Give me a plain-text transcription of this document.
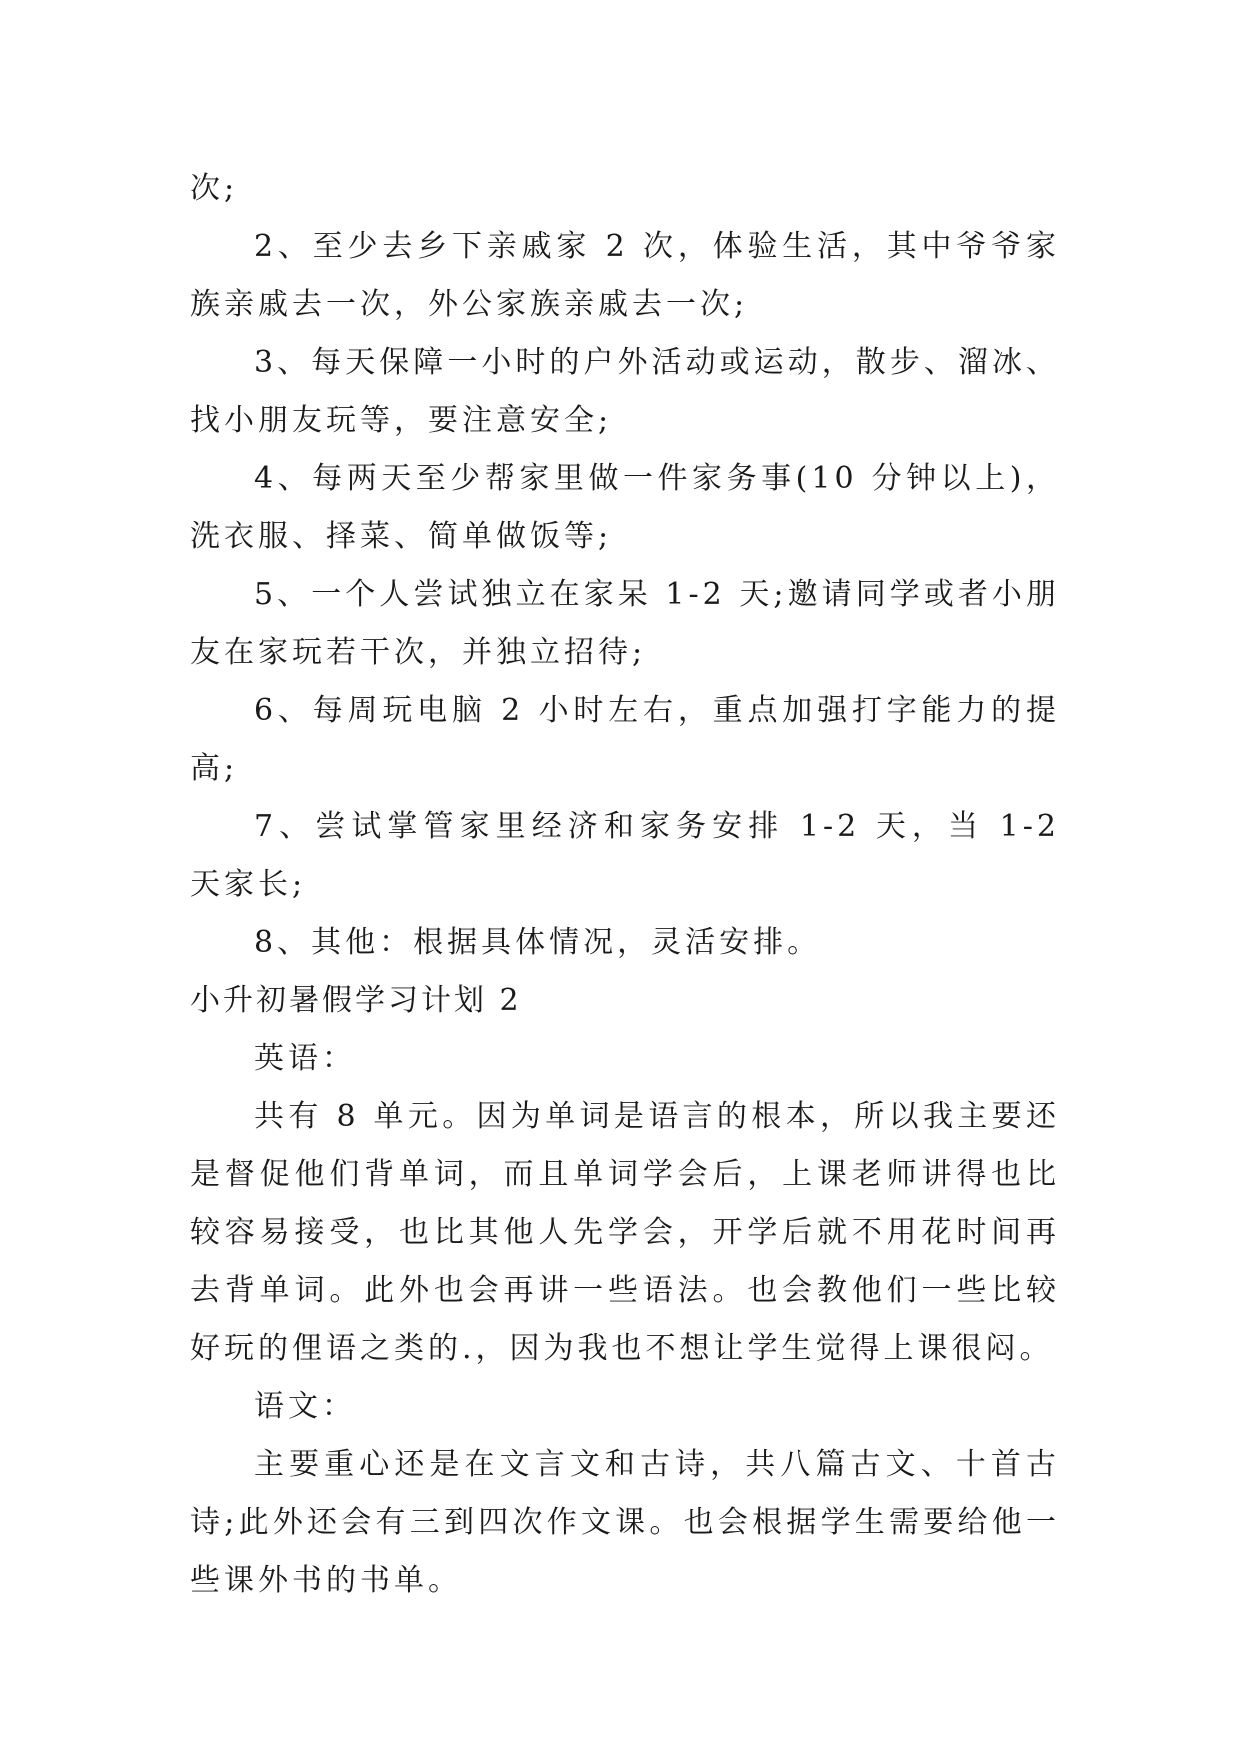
次;

2、至少去乡下亲戚家 2 次，体验生活，其中爷爷家族亲戚去一次，外公家族亲戚去一次;

3、每天保障一小时的户外活动或运动，散步、溜冰、找小朋友玩等，要注意安全;

4、每两天至少帮家里做一件家务事(10 分钟以上)，洗衣服、择菜、简单做饭等;

5、一个人尝试独立在家呆 1-2 天;邀请同学或者小朋友在家玩若干次，并独立招待;

6、每周玩电脑 2 小时左右，重点加强打字能力的提高;

7、尝试掌管家里经济和家务安排 1-2 天，当 1-2 天家长;

8、其他：根据具体情况，灵活安排。

小升初暑假学习计划 2

英语：

共有 8 单元。因为单词是语言的根本，所以我主要还是督促他们背单词，而且单词学会后，上课老师讲得也比较容易接受，也比其他人先学会，开学后就不用花时间再去背单词。此外也会再讲一些语法。也会教他们一些比较好玩的俚语之类的.，因为我也不想让学生觉得上课很闷。

语文：

主要重心还是在文言文和古诗，共八篇古文、十首古诗;此外还会有三到四次作文课。也会根据学生需要给他一些课外书的书单。
